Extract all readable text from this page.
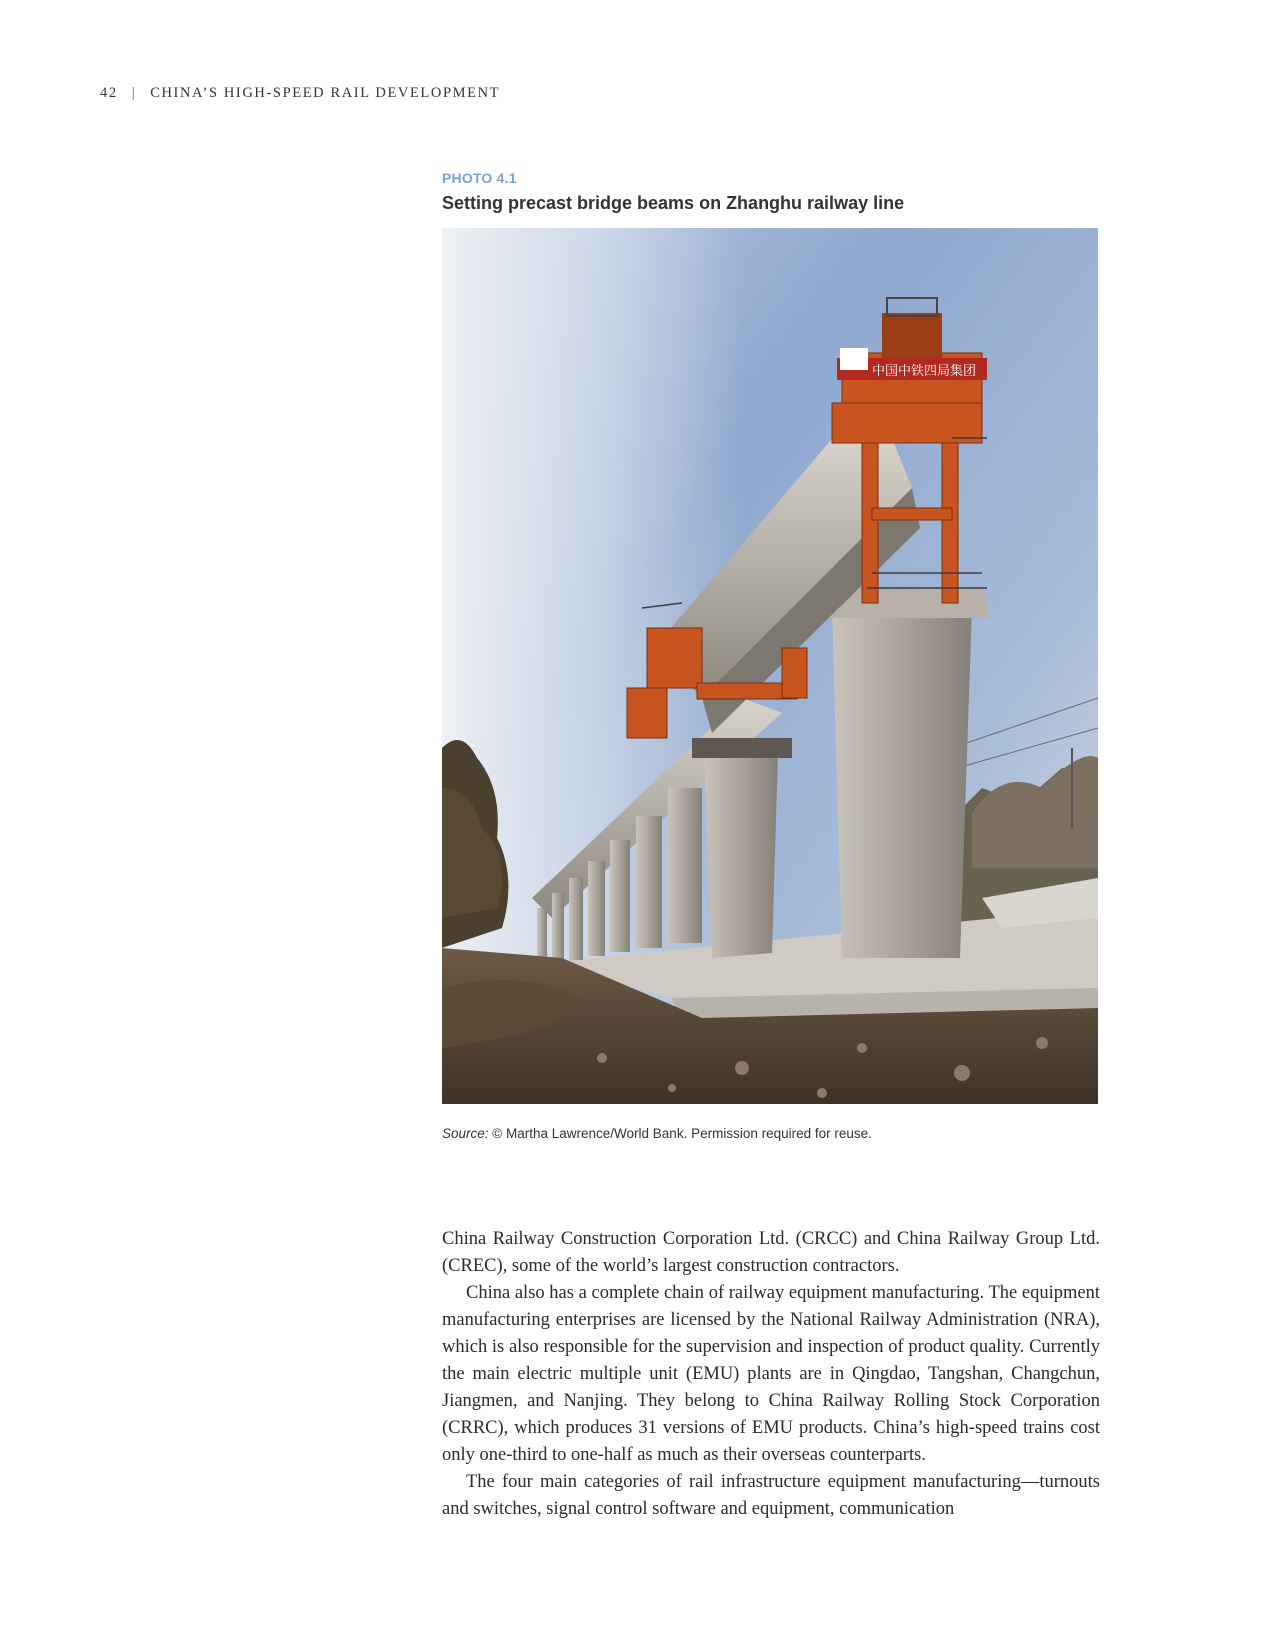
42 | CHINA’S HIGH-SPEED RAIL DEVELOPMENT
PHOTO 4.1
Setting precast bridge beams on Zhanghu railway line
中国中铁四局集团
Source: © Martha Lawrence/World Bank. Permission required for reuse.

China Railway Construction Corporation Ltd. (CRCC) and China Railway Group Ltd. (CREC), some of the world’s largest construction contractors.

China also has a complete chain of railway equipment manufacturing. The equipment manufacturing enterprises are licensed by the National Railway Administration (NRA), which is also responsible for the supervision and inspection of product quality. Currently the main electric multiple unit (EMU) plants are in Qingdao, Tangshan, Changchun, Jiangmen, and Nanjing. They belong to China Railway Rolling Stock Corporation (CRRC), which produces 31 versions of EMU products. China’s high-speed trains cost only one-third to one-half as much as their overseas counterparts.

The four main categories of rail infrastructure equipment manufacturing—turnouts and switches, signal control software and equipment, communication
